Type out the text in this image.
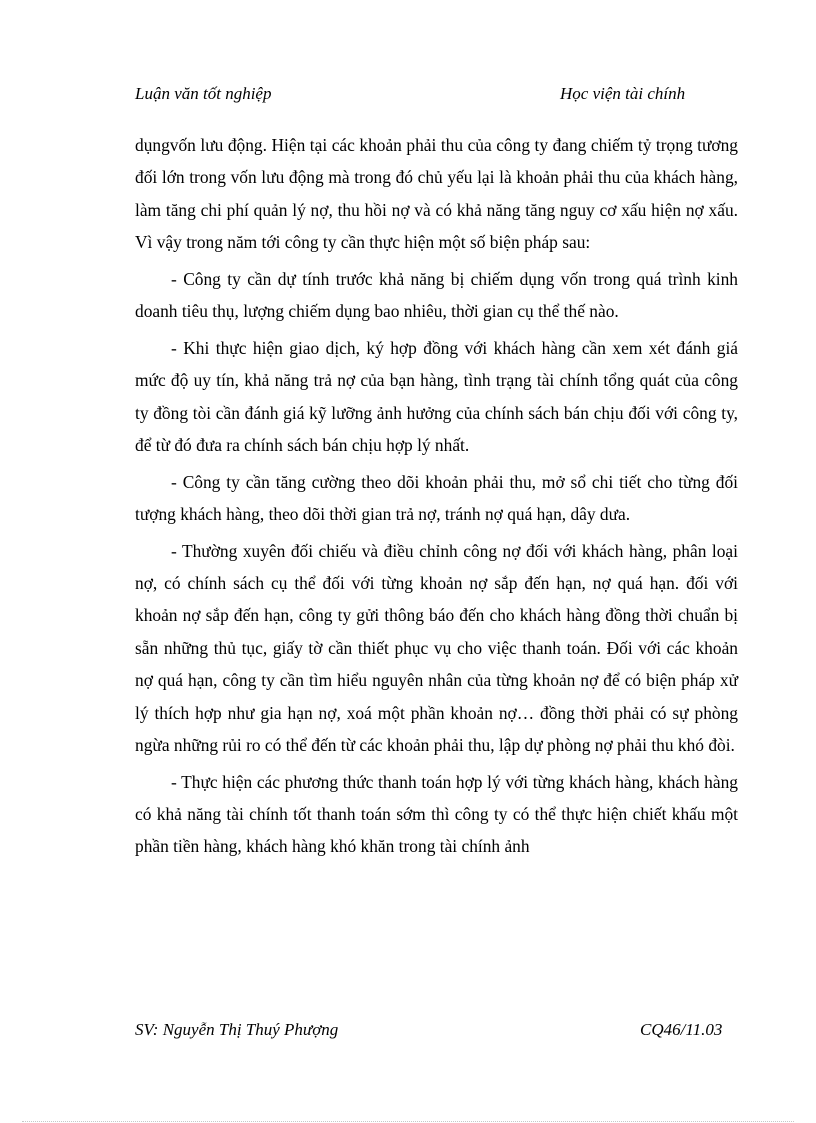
Luận văn tốt nghiệp	Học viện tài chính

dụngvốn lưu động. Hiện tại các khoản phải thu của công ty đang chiếm tỷ trọng tương đối lớn trong vốn lưu động mà trong đó chủ yếu lại là khoản phải thu của khách hàng, làm tăng chi phí quản lý nợ, thu hồi nợ và có khả năng tăng nguy cơ xấu hiện nợ xấu. Vì vậy trong năm tới công ty cần thực hiện một số biện pháp sau:

- Công ty cần dự tính trước khả năng bị chiếm dụng vốn trong quá trình kinh doanh tiêu thụ, lượng chiếm dụng bao nhiêu, thời gian cụ thể thế nào.

- Khi thực hiện giao dịch, ký hợp đồng với khách hàng cần xem xét đánh giá mức độ uy tín, khả năng trả nợ của bạn hàng, tình trạng tài chính tổng quát của công ty đồng tòi cần đánh giá kỹ lưỡng ảnh hưởng của chính sách bán chịu đối với công ty, để từ đó đưa ra chính sách bán chịu hợp lý nhất.

- Công ty cần tăng cường theo dõi khoản phải thu, mở sổ chi tiết cho từng đối tượng khách hàng, theo dõi thời gian trả nợ, tránh nợ quá hạn, dây dưa.

- Thường xuyên đối chiếu và điều chỉnh công nợ đối với khách hàng, phân loại nợ, có chính sách cụ thể đối với từng khoản nợ sắp đến hạn, nợ quá hạn. đối với khoản nợ sắp đến hạn, công ty gửi thông báo đến cho khách hàng đồng thời chuẩn bị sẵn những thủ tục, giấy tờ cần thiết phục vụ cho việc thanh toán. Đối với các khoản nợ quá hạn, công ty cần tìm hiểu nguyên nhân của từng khoản nợ để có biện pháp xử lý thích hợp như gia hạn nợ, xoá một phần khoản nợ… đồng thời phải có sự phòng ngừa những rủi ro có thể đến từ các khoản phải thu, lập dự phòng nợ phải thu khó đòi.

- Thực hiện các phương thức thanh toán hợp lý với từng khách hàng, khách hàng có khả năng tài chính tốt thanh toán sớm thì công ty có thể thực hiện chiết khấu một phần tiền hàng, khách hàng khó khăn trong tài chính ảnh

SV: Nguyễn Thị Thuý Phượng	CQ46/11.03
